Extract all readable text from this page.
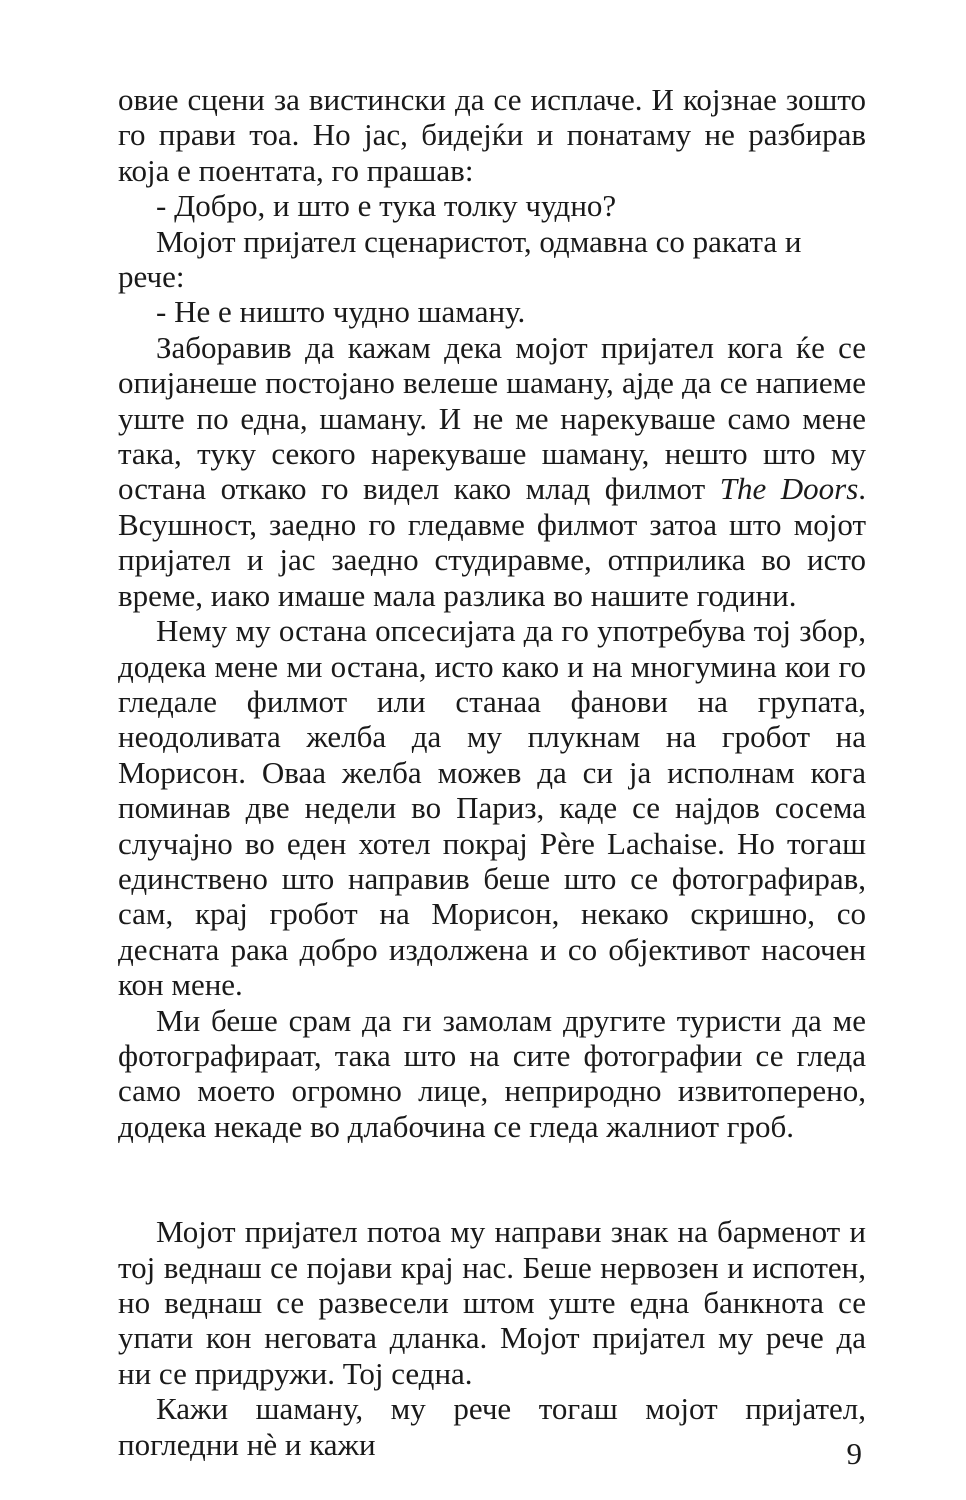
овие сцени за вистински да се исплаче. И којзнае зошто го прави тоа. Но јас, бидејќи и понатаму не разбирав која е поентата, го прашав:

- Добро, и што е тука толку чудно?

Мојот пријател сценаристот, одмавна со раката и рече:

- Не е ништо чудно шаману.

Заборавив да кажам дека мојот пријател кога ќе се опијанеше постојано велеше шаману, ајде да се напиеме уште по една, шаману. И не ме нарекуваше само мене така, туку секого нарекуваше шаману, нешто што му остана откако го видел како млад филмот The Doors. Всушност, заедно го гледавме филмот затоа што мојот пријател и јас заедно студиравме, отприлика во исто време, иако имаше мала разлика во нашите години.

Нему му остана опсесијата да го употребува тој збор, додека мене ми остана, исто како и на многумина кои го гледале филмот или станаа фанови на групата, неодоливата желба да му плукнам на гробот на Морисон. Оваа желба можев да си ја исполнам кога поминав две недели во Париз, каде се најдов сосема случајно во еден хотел покрај Père Lachaise. Но тогаш единствено што направив беше што се фотографирав, сам, крај гробот на Морисон, некако скришно, со десната рака добро издолжена и со објективот насочен кон мене.

Ми беше срам да ги замолам другите туристи да ме фотографираат, така што на сите фотографии се гледа само моето огромно лице, неприродно извитоперено, додека некаде во длабочина се гледа жалниот гроб.

Мојот пријател потоа му направи знак на барменот и тој веднаш се појави крај нас. Беше нервозен и испотен, но веднаш се развесели штом уште една банкнота се упати кон неговата дланка. Мојот пријател му рече да ни се придружи. Тој седна.

Кажи шаману, му рече тогаш мојот пријател, погледни нè и кажи	9
